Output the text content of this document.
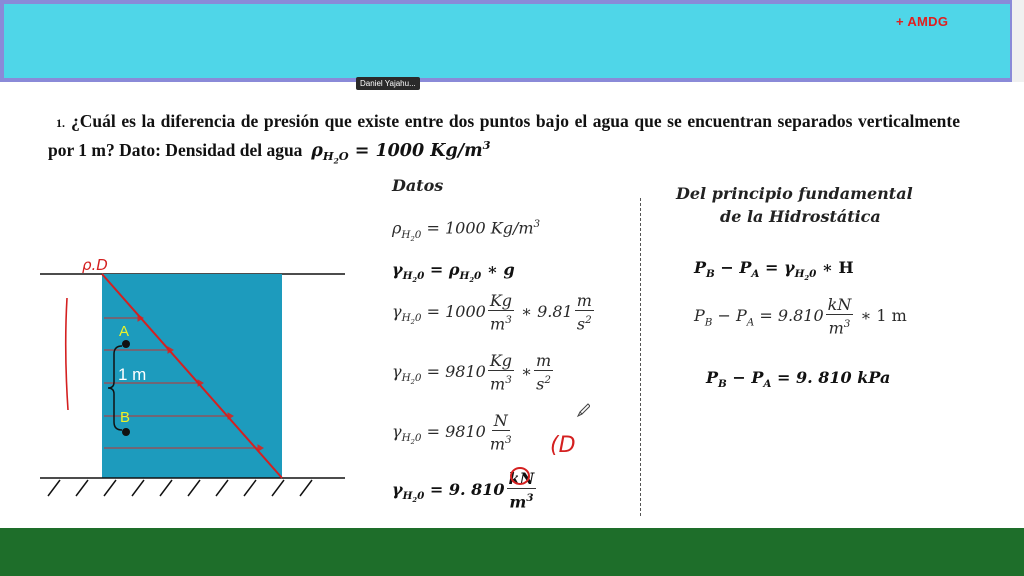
+ AMDG
Daniel Yajahu...
1. ¿Cuál es la diferencia de presión que existe entre dos puntos bajo el agua que se encuentran separados verticalmente por 1 m? Dato: Densidad del agua $\rho_{H_2O} = 1000$ $Kg/m^3$
A
B
1 m
ρ.D
Datos
$\rho_{H_20} = 1000$ $Kg/m^3$
$\gamma_{H_20} = \rho_{H_20}$ ∗ g
$\gamma_{H_20} = 1000 \frac{Kg}{m^3}$ ∗ $9.81 \frac{m}{s^2}$
$\gamma_{H_20} = 9810 \frac{Kg}{m^3}$ ∗ $\frac{m}{s^2}$
$\gamma_{H_20} = 9810 \frac{N}{m^3}$
$\gamma_{H_20} = 9$. $810 \frac{kN}{m^3}$
(D
Del principio fundamental
de la Hidrostática
$P_B - P_A = \gamma_{H_20}$ ∗ H
$P_B - P_A = 9.810 \frac{kN}{m^3}$ ∗ 1 m
$P_B - P_A = 9$. 810 kPa
